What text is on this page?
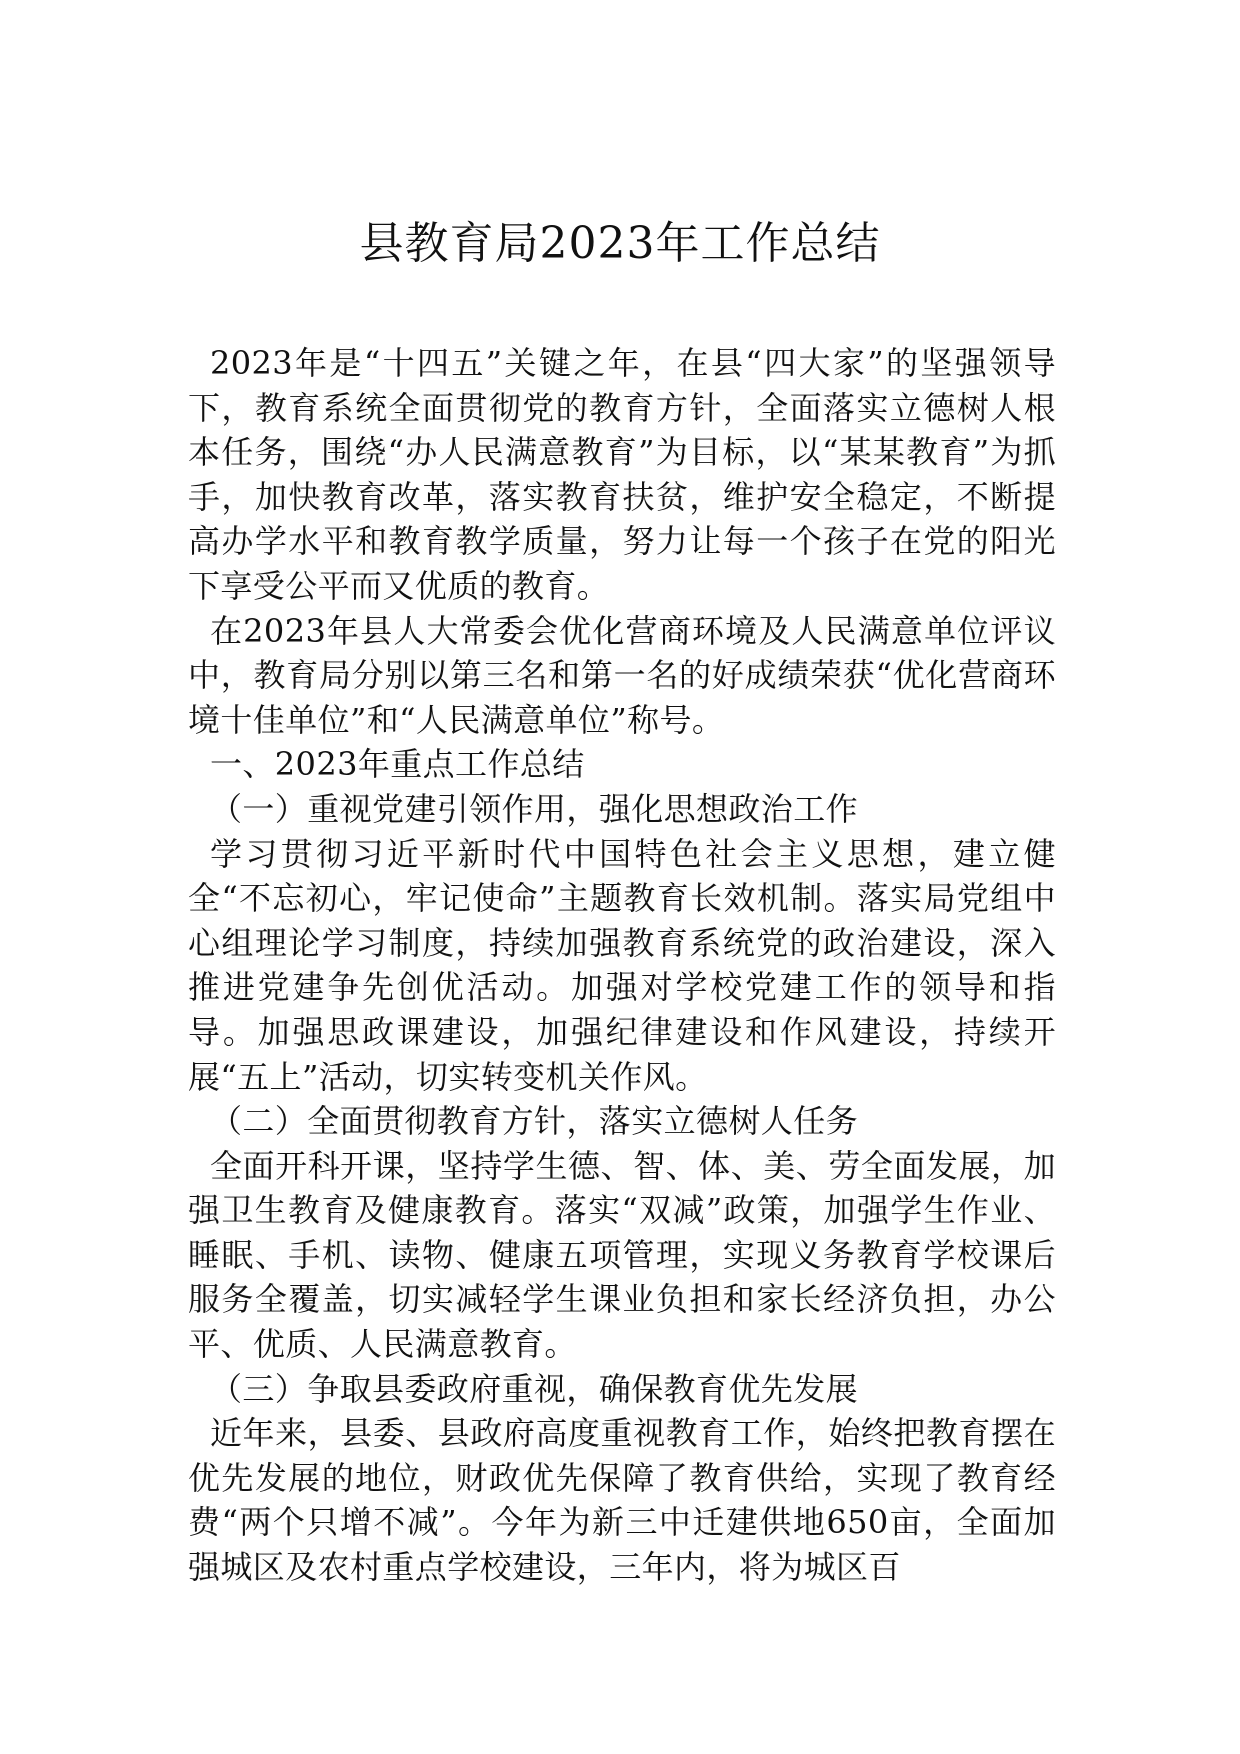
县教育局2023年工作总结

2023年是“十四五”关键之年，在县“四大家”的坚强领导下，教育系统全面贯彻党的教育方针，全面落实立德树人根本任务，围绕“办人民满意教育”为目标，以“某某教育”为抓手，加快教育改革，落实教育扶贫，维护安全稳定，不断提高办学水平和教育教学质量，努力让每一个孩子在党的阳光下享受公平而又优质的教育。

在2023年县人大常委会优化营商环境及人民满意单位评议中，教育局分别以第三名和第一名的好成绩荣获“优化营商环境十佳单位”和“人民满意单位”称号。

一、2023年重点工作总结

（一）重视党建引领作用，强化思想政治工作

学习贯彻习近平新时代中国特色社会主义思想，建立健全“不忘初心，牢记使命”主题教育长效机制。落实局党组中心组理论学习制度，持续加强教育系统党的政治建设，深入推进党建争先创优活动。加强对学校党建工作的领导和指导。加强思政课建设，加强纪律建设和作风建设，持续开展“五上”活动，切实转变机关作风。

（二）全面贯彻教育方针，落实立德树人任务

全面开科开课，坚持学生德、智、体、美、劳全面发展，加强卫生教育及健康教育。落实“双减”政策，加强学生作业、睡眠、手机、读物、健康五项管理，实现义务教育学校课后服务全覆盖，切实减轻学生课业负担和家长经济负担，办公平、优质、人民满意教育。

（三）争取县委政府重视，确保教育优先发展

近年来，县委、县政府高度重视教育工作，始终把教育摆在优先发展的地位，财政优先保障了教育供给，实现了教育经费“两个只增不减”。今年为新三中迁建供地650亩，全面加强城区及农村重点学校建设，三年内，将为城区百
